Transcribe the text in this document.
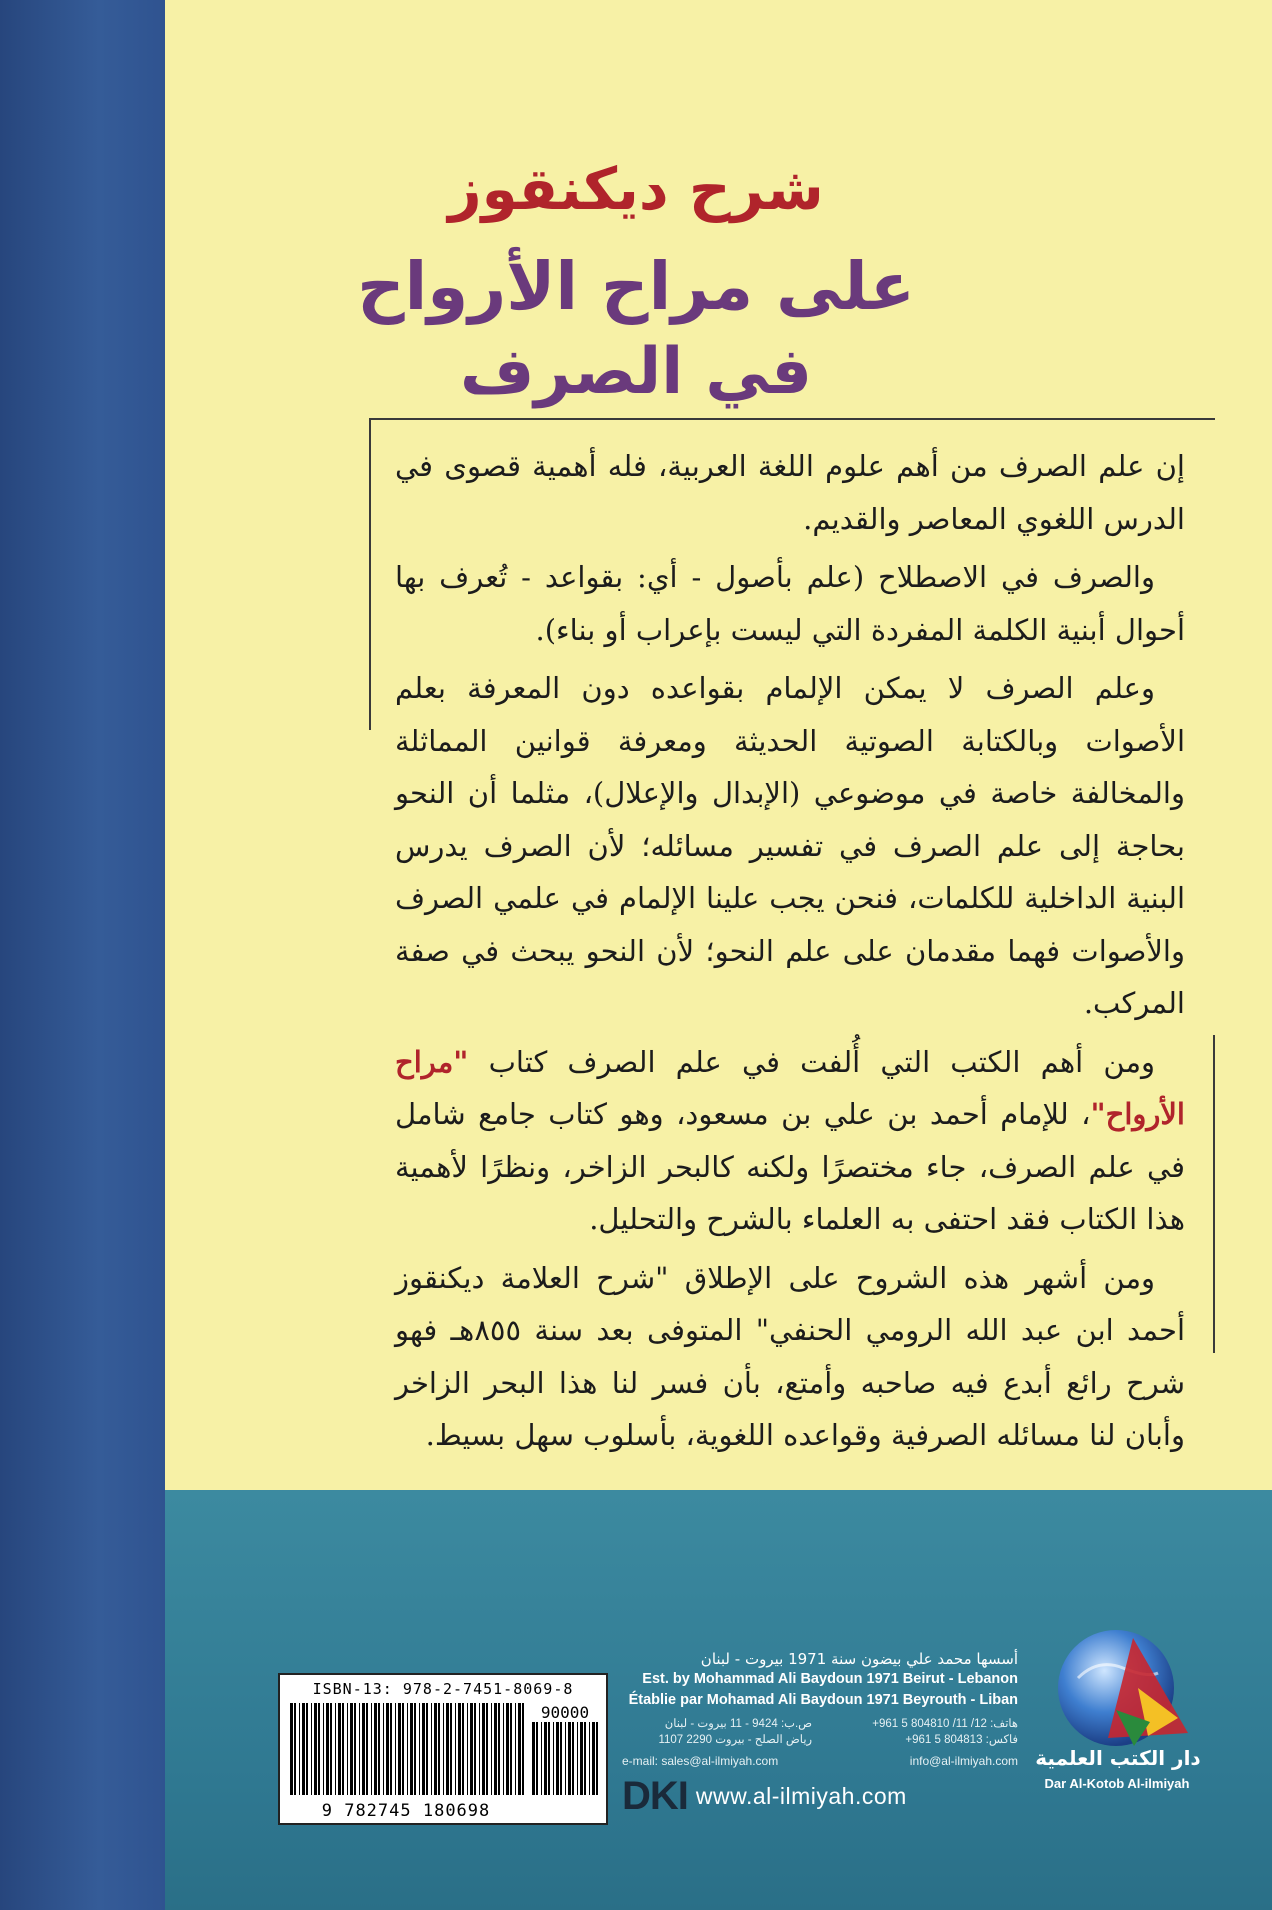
شرح ديكنقوز
على مراح الأرواح
في الصرف

إن علم الصرف من أهم علوم اللغة العربية، فله أهمية قصوى في الدرس اللغوي المعاصر والقديم.

والصرف في الاصطلاح (علم بأصول - أي: بقواعد - تُعرف بها أحوال أبنية الكلمة المفردة التي ليست بإعراب أو بناء).

وعلم الصرف لا يمكن الإلمام بقواعده دون المعرفة بعلم الأصوات وبالكتابة الصوتية الحديثة ومعرفة قوانين المماثلة والمخالفة خاصة في موضوعي (الإبدال والإعلال)، مثلما أن النحو بحاجة إلى علم الصرف في تفسير مسائله؛ لأن الصرف يدرس البنية الداخلية للكلمات، فنحن يجب علينا الإلمام في علمي الصرف والأصوات فهما مقدمان على علم النحو؛ لأن النحو يبحث في صفة المركب.

ومن أهم الكتب التي أُلفت في علم الصرف كتاب "مراح الأرواح"، للإمام أحمد بن علي بن مسعود، وهو كتاب جامع شامل في علم الصرف، جاء مختصرًا ولكنه كالبحر الزاخر، ونظرًا لأهمية هذا الكتاب فقد احتفى به العلماء بالشرح والتحليل.

ومن أشهر هذه الشروح على الإطلاق "شرح العلامة ديكنقوز أحمد ابن عبد الله الرومي الحنفي" المتوفى بعد سنة ٨٥٥هـ فهو شرح رائع أبدع فيه صاحبه وأمتع، بأن فسر لنا هذا البحر الزاخر وأبان لنا مسائله الصرفية وقواعده اللغوية، بأسلوب سهل بسيط.

ISBN-13: 978-2-7451-8069-8
90000
9 782745 180698
أسسها محمد علي بيضون سنة 1971 بيروت - لبنان
Est. by Mohammad Ali Baydoun 1971 Beirut - Lebanon
Établie par Mohamad Ali Baydoun 1971 Beyrouth - Liban
ص.ب: 9424 - 11 بيروت - لبنان
رياض الصلح - بيروت 2290 1107
هاتف: 12/ 11/ 804810 5 961+
فاكس: 804813 5 961+
e-mail: sales@al-ilmiyah.com	info@al-ilmiyah.com
DKI www.al-ilmiyah.com
دار الكتب العلمية
Dar Al-Kotob Al-ilmiyah
